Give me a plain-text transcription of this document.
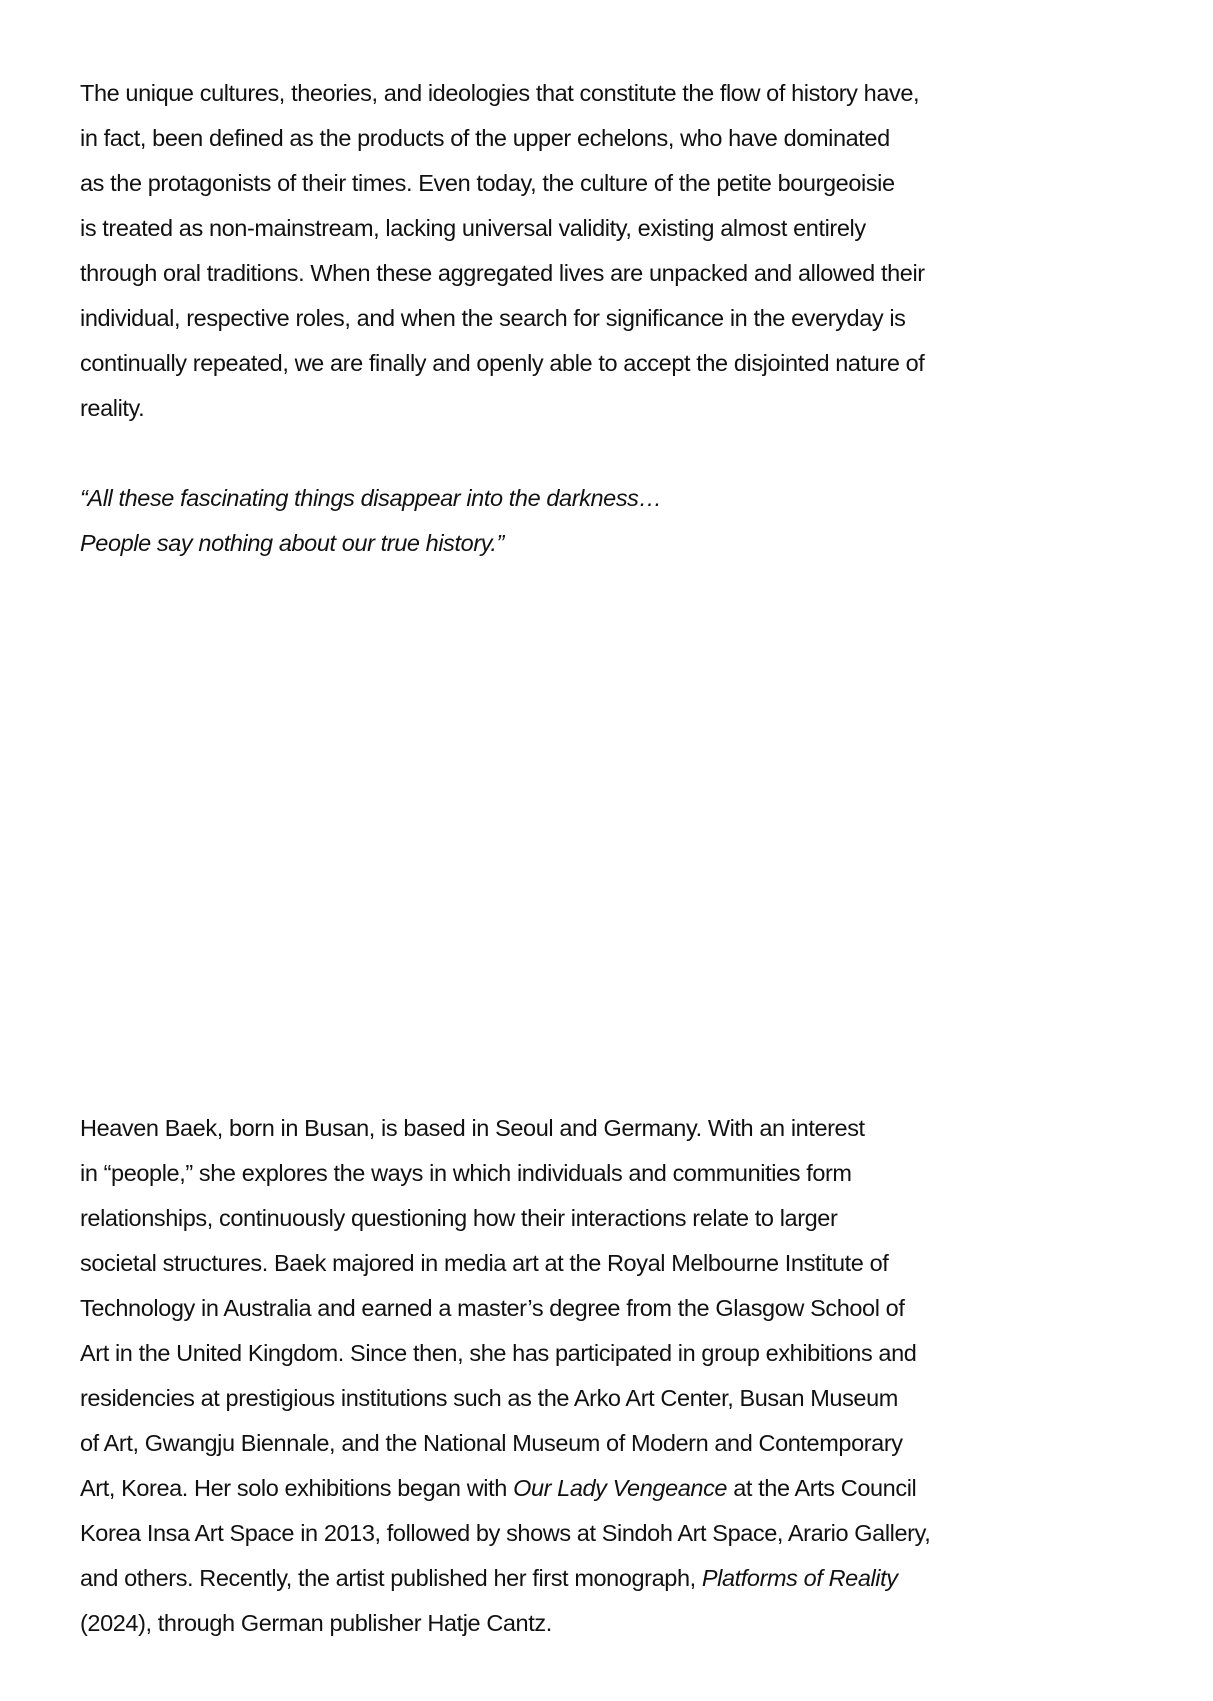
The unique cultures, theories, and ideologies that constitute the flow of history have,
in fact, been defined as the products of the upper echelons, who have dominated
as the protagonists of their times. Even today, the culture of the petite bourgeoisie
is treated as non-mainstream, lacking universal validity, existing almost entirely
through oral traditions. When these aggregated lives are unpacked and allowed their
individual, respective roles, and when the search for significance in the everyday is
continually repeated, we are finally and openly able to accept the disjointed nature of
reality.
“All these fascinating things disappear into the darkness…
People say nothing about our true history.”
Heaven Baek, born in Busan, is based in Seoul and Germany. With an interest
in “people,” she explores the ways in which individuals and communities form
relationships, continuously questioning how their interactions relate to larger
societal structures. Baek majored in media art at the Royal Melbourne Institute of
Technology in Australia and earned a master’s degree from the Glasgow School of
Art in the United Kingdom. Since then, she has participated in group exhibitions and
residencies at prestigious institutions such as the Arko Art Center, Busan Museum
of Art, Gwangju Biennale, and the National Museum of Modern and Contemporary
Art, Korea. Her solo exhibitions began with Our Lady Vengeance at the Arts Council
Korea Insa Art Space in 2013, followed by shows at Sindoh Art Space, Arario Gallery,
and others. Recently, the artist published her first monograph, Platforms of Reality
(2024), through German publisher Hatje Cantz.
